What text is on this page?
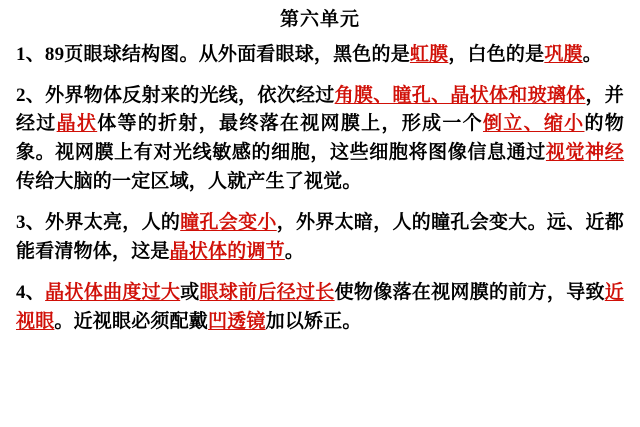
第六单元
1、89页眼球结构图。从外面看眼球，黑色的是虹膜，白色的是巩膜。
2、外界物体反射来的光线，依次经过角膜、瞳孔、晶状体和玻璃体，并经过晶状体等的折射，最终落在视网膜上，形成一个倒立、缩小的物象。视网膜上有对光线敏感的细胞，这些细胞将图像信息通过视觉神经传给大脑的一定区域，人就产生了视觉。
3、外界太亮，人的瞳孔会变小，外界太暗，人的瞳孔会变大。远、近都能看清物体，这是晶状体的调节。
4、晶状体曲度过大或眼球前后径过长使物像落在视网膜的前方，导致近视眼。近视眼必须配戴凹透镜加以矫正。
